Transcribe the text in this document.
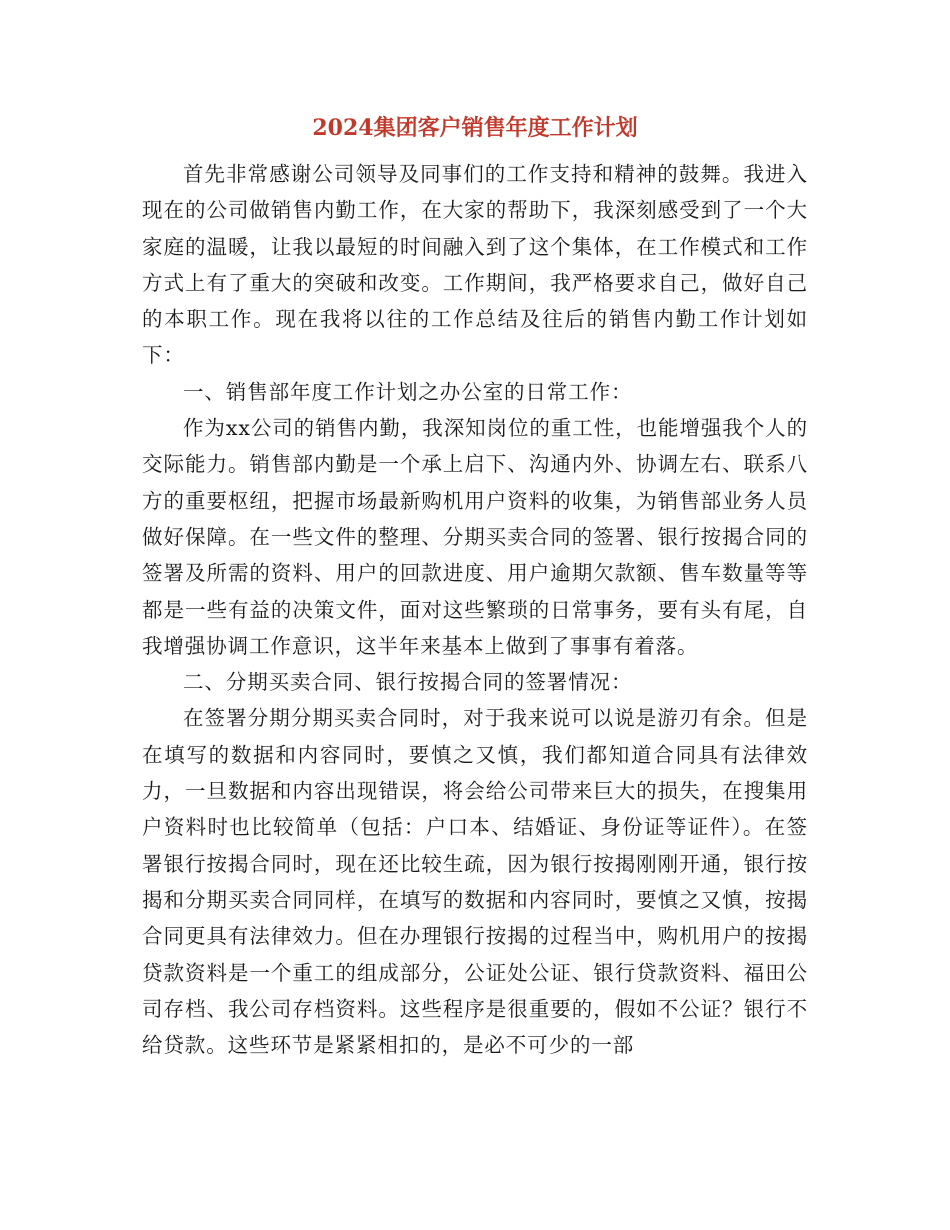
2024集团客户销售年度工作计划

首先非常感谢公司领导及同事们的工作支持和精神的鼓舞。我进入现在的公司做销售内勤工作，在大家的帮助下，我深刻感受到了一个大家庭的温暖，让我以最短的时间融入到了这个集体，在工作模式和工作方式上有了重大的突破和改变。工作期间，我严格要求自己，做好自己的本职工作。现在我将以往的工作总结及往后的销售内勤工作计划如下：

一、销售部年度工作计划之办公室的日常工作：

作为xx公司的销售内勤，我深知岗位的重工性，也能增强我个人的交际能力。销售部内勤是一个承上启下、沟通内外、协调左右、联系八方的重要枢纽，把握市场最新购机用户资料的收集，为销售部业务人员做好保障。在一些文件的整理、分期买卖合同的签署、银行按揭合同的签署及所需的资料、用户的回款进度、用户逾期欠款额、售车数量等等都是一些有益的决策文件，面对这些繁琐的日常事务，要有头有尾，自我增强协调工作意识，这半年来基本上做到了事事有着落。

二、分期买卖合同、银行按揭合同的签署情况：

在签署分期分期买卖合同时，对于我来说可以说是游刃有余。但是在填写的数据和内容同时，要慎之又慎，我们都知道合同具有法律效力，一旦数据和内容出现错误，将会给公司带来巨大的损失，在搜集用户资料时也比较简单（包括：户口本、结婚证、身份证等证件）。在签署银行按揭合同时，现在还比较生疏，因为银行按揭刚刚开通，银行按揭和分期买卖合同同样，在填写的数据和内容同时，要慎之又慎，按揭合同更具有法律效力。但在办理银行按揭的过程当中，购机用户的按揭贷款资料是一个重工的组成部分，公证处公证、银行贷款资料、福田公司存档、我公司存档资料。这些程序是很重要的，假如不公证？银行不给贷款。这些环节是紧紧相扣的，是必不可少的一部
